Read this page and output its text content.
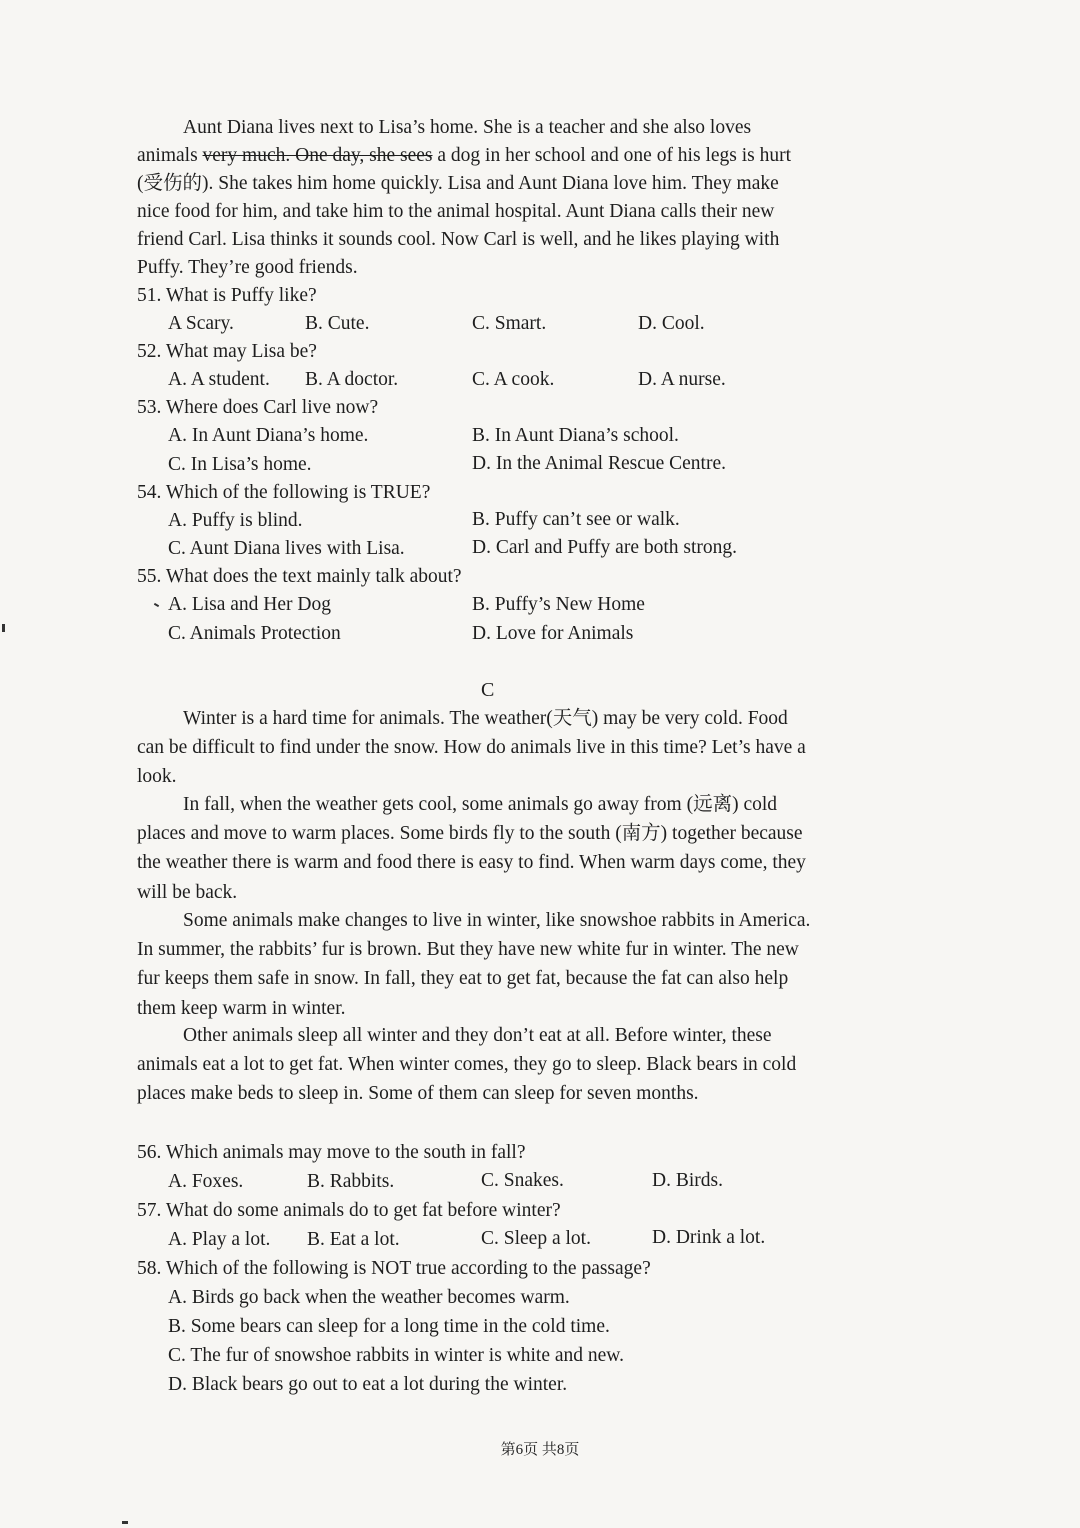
Aunt Diana lives next to Lisa’s home. She is a teacher and she also loves
animals very much. One day, she sees a dog in her school and one of his legs is hurt
(受伤的). She takes him home quickly. Lisa and Aunt Diana love him. They make
nice food for him, and take him to the animal hospital. Aunt Diana calls their new
friend Carl. Lisa thinks it sounds cool. Now Carl is well, and he likes playing with
Puffy. They’re good friends.
51. What is Puffy like?
A Scary.	B. Cute.	C. Smart.	D. Cool.
52. What may Lisa be?
A. A student. B. A doctor.	C. A cook.	D. A nurse.
53. Where does Carl live now?
A. In Aunt Diana’s home.	B. In Aunt Diana’s school.
C. In Lisa’s home.	D. In the Animal Rescue Centre.
54. Which of the following is TRUE?
A. Puffy is blind.	B. Puffy can’t see or walk.
C. Aunt Diana lives with Lisa.	D. Carl and Puffy are both strong.
55. What does the text mainly talk about?
A. Lisa and Her Dog	B. Puffy’s New Home
C. Animals Protection	D. Love for Animals
C
Winter is a hard time for animals. The weather(天气) may be very cold. Food
can be difficult to find under the snow. How do animals live in this time? Let’s have a
look.
In fall, when the weather gets cool, some animals go away from (远离) cold
places and move to warm places. Some birds fly to the south (南方) together because
the weather there is warm and food there is easy to find. When warm days come, they
will be back.
Some animals make changes to live in winter, like snowshoe rabbits in America.
In summer, the rabbits’ fur is brown. But they have new white fur in winter. The new
fur keeps them safe in snow. In fall, they eat to get fat, because the fat can also help
them keep warm in winter.
Other animals sleep all winter and they don’t eat at all. Before winter, these
animals eat a lot to get fat. When winter comes, they go to sleep. Black bears in cold
places make beds to sleep in. Some of them can sleep for seven months.
56. Which animals may move to the south in fall?
A. Foxes.	B. Rabbits.	C. Snakes.	D. Birds.
57. What do some animals do to get fat before winter?
A. Play a lot. B. Eat a lot.	C. Sleep a lot.	D. Drink a lot.
58. Which of the following is NOT true according to the passage?
A. Birds go back when the weather becomes warm.
B. Some bears can sleep for a long time in the cold time.
C. The fur of snowshoe rabbits in winter is white and new.
D. Black bears go out to eat a lot during the winter.
第6页 共8页
